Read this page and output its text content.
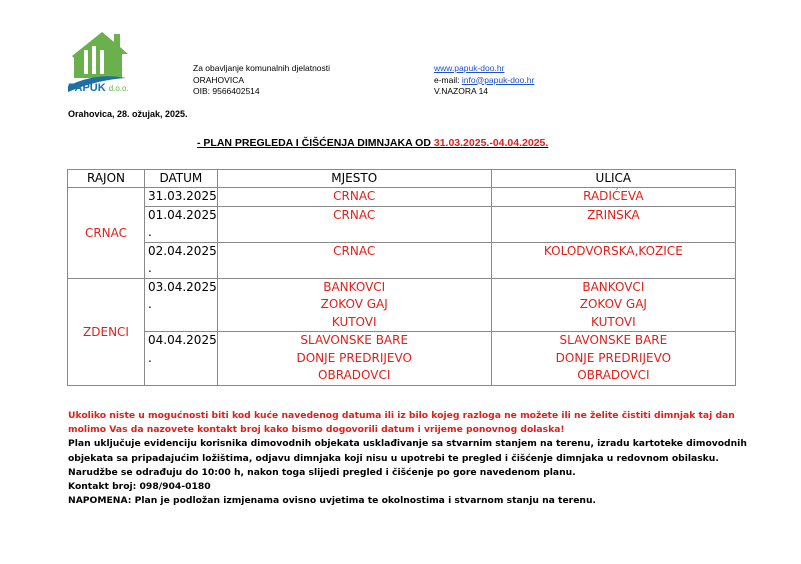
PAPUK d.o.o.
Za obavljanje komunalnih djelatnosti
ORAHOVICA
OIB: 9566402514
www.papuk-doo.hr
e-mail: info@papuk-doo.hr
V.NAZORA 14
Orahovica, 28. ožujak, 2025.
- PLAN PREGLEDA I ČIŠĆENJA DIMNJAKA OD 31.03.2025.-04.04.2025.
RAJON	DATUM	MJESTO	ULICA
CRNAC	31.03.2025	CRNAC	RADIĆEVA

	01.04.2025
.	CRNAC	ZRINSKA

	02.04.2025
.	CRNAC	KOLODVORSKA,KOZICE

ZDENCI	03.04.2025
.	BANKOVCI
ZOKOV GAJ
KUTOVI	BANKOVCI
ZOKOV GAJ
KUTOVI

	04.04.2025
.	SLAVONSKE BARE
DONJE PREDRIJEVO
OBRADOVCI	SLAVONSKE BARE
DONJE PREDRIJEVO
OBRADOVCI
Ukoliko niste u mogućnosti biti kod kuće navedenog datuma ili iz bilo kojeg razloga ne možete ili ne želite čistiti dimnjak taj dan molimo Vas da nazovete kontakt broj kako bismo dogovorili datum i vrijeme ponovnog dolaska!
Plan uključuje evidenciju korisnika dimovodnih objekata usklađivanje sa stvarnim stanjem na terenu, izradu kartoteke dimovodnih objekata sa pripadajućim ložištima, odjavu dimnjaka koji nisu u upotrebi te pregled i čišćenje dimnjaka u redovnom obilasku.
Narudžbe se odrađuju do 10:00 h, nakon toga slijedi pregled i čišćenje po gore navedenom planu.
Kontakt broj: 098/904-0180
NAPOMENA: Plan je podložan izmjenama ovisno uvjetima te okolnostima i stvarnom stanju na terenu.
